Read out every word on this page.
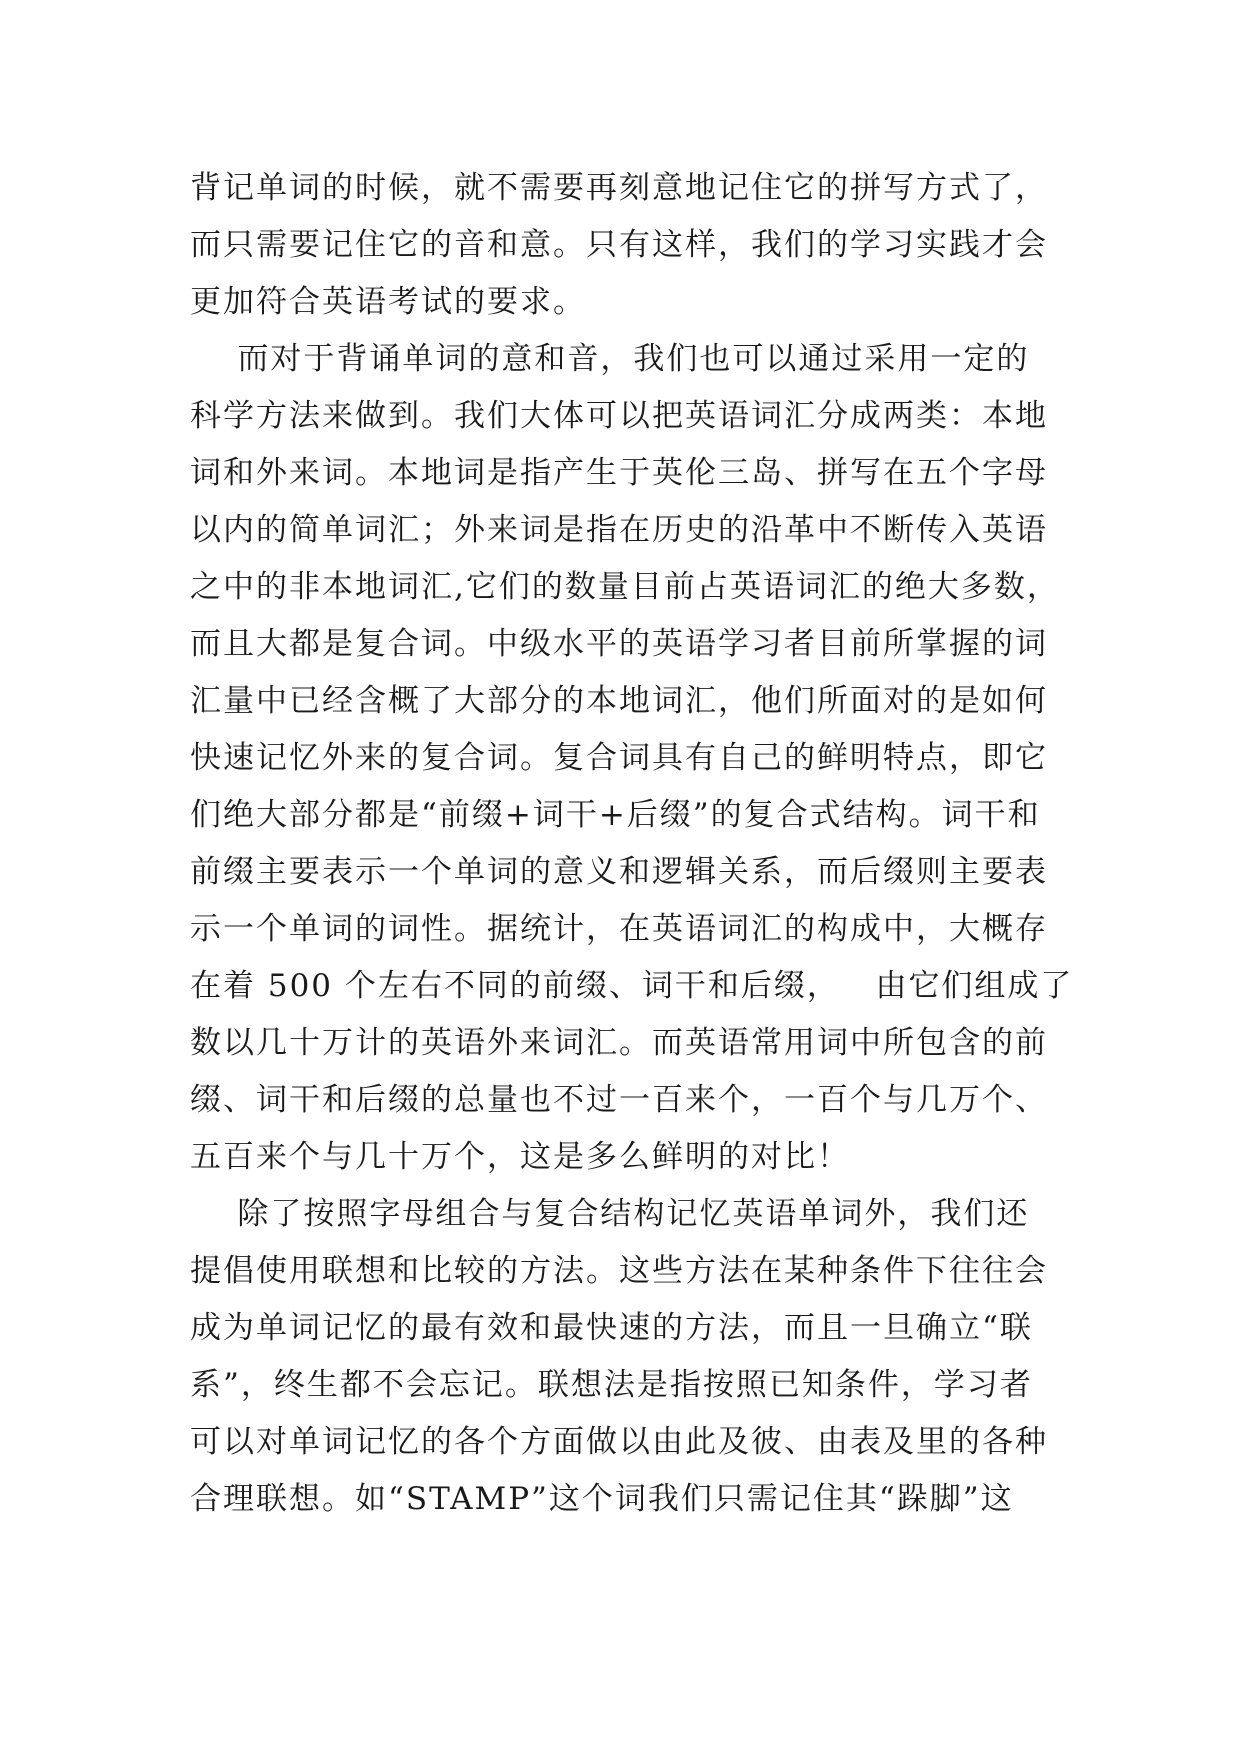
背记单词的时候，就不需要再刻意地记住它的拼写方式了，
而只需要记住它的音和意。只有这样，我们的学习实践才会
更加符合英语考试的要求。
而对于背诵单词的意和音，我们也可以通过采用一定的
科学方法来做到。我们大体可以把英语词汇分成两类：本地
词和外来词。本地词是指产生于英伦三岛、拼写在五个字母
以内的简单词汇；外来词是指在历史的沿革中不断传入英语
之中的非本地词汇,它们的数量目前占英语词汇的绝大多数，
而且大都是复合词。中级水平的英语学习者目前所掌握的词
汇量中已经含概了大部分的本地词汇，他们所面对的是如何
快速记忆外来的复合词。复合词具有自己的鲜明特点，即它
们绝大部分都是“前缀+词干+后缀”的复合式结构。词干和
前缀主要表示一个单词的意义和逻辑关系，而后缀则主要表
示一个单词的词性。据统计，在英语词汇的构成中，大概存
在着 500 个左右不同的前缀、词干和后缀，   由它们组成了
数以几十万计的英语外来词汇。而英语常用词中所包含的前
缀、词干和后缀的总量也不过一百来个，一百个与几万个、
五百来个与几十万个，这是多么鲜明的对比！
除了按照字母组合与复合结构记忆英语单词外，我们还
提倡使用联想和比较的方法。这些方法在某种条件下往往会
成为单词记忆的最有效和最快速的方法，而且一旦确立“联
系”，终生都不会忘记。联想法是指按照已知条件，学习者
可以对单词记忆的各个方面做以由此及彼、由表及里的各种
合理联想。如“STAMP”这个词我们只需记住其“跺脚”这
